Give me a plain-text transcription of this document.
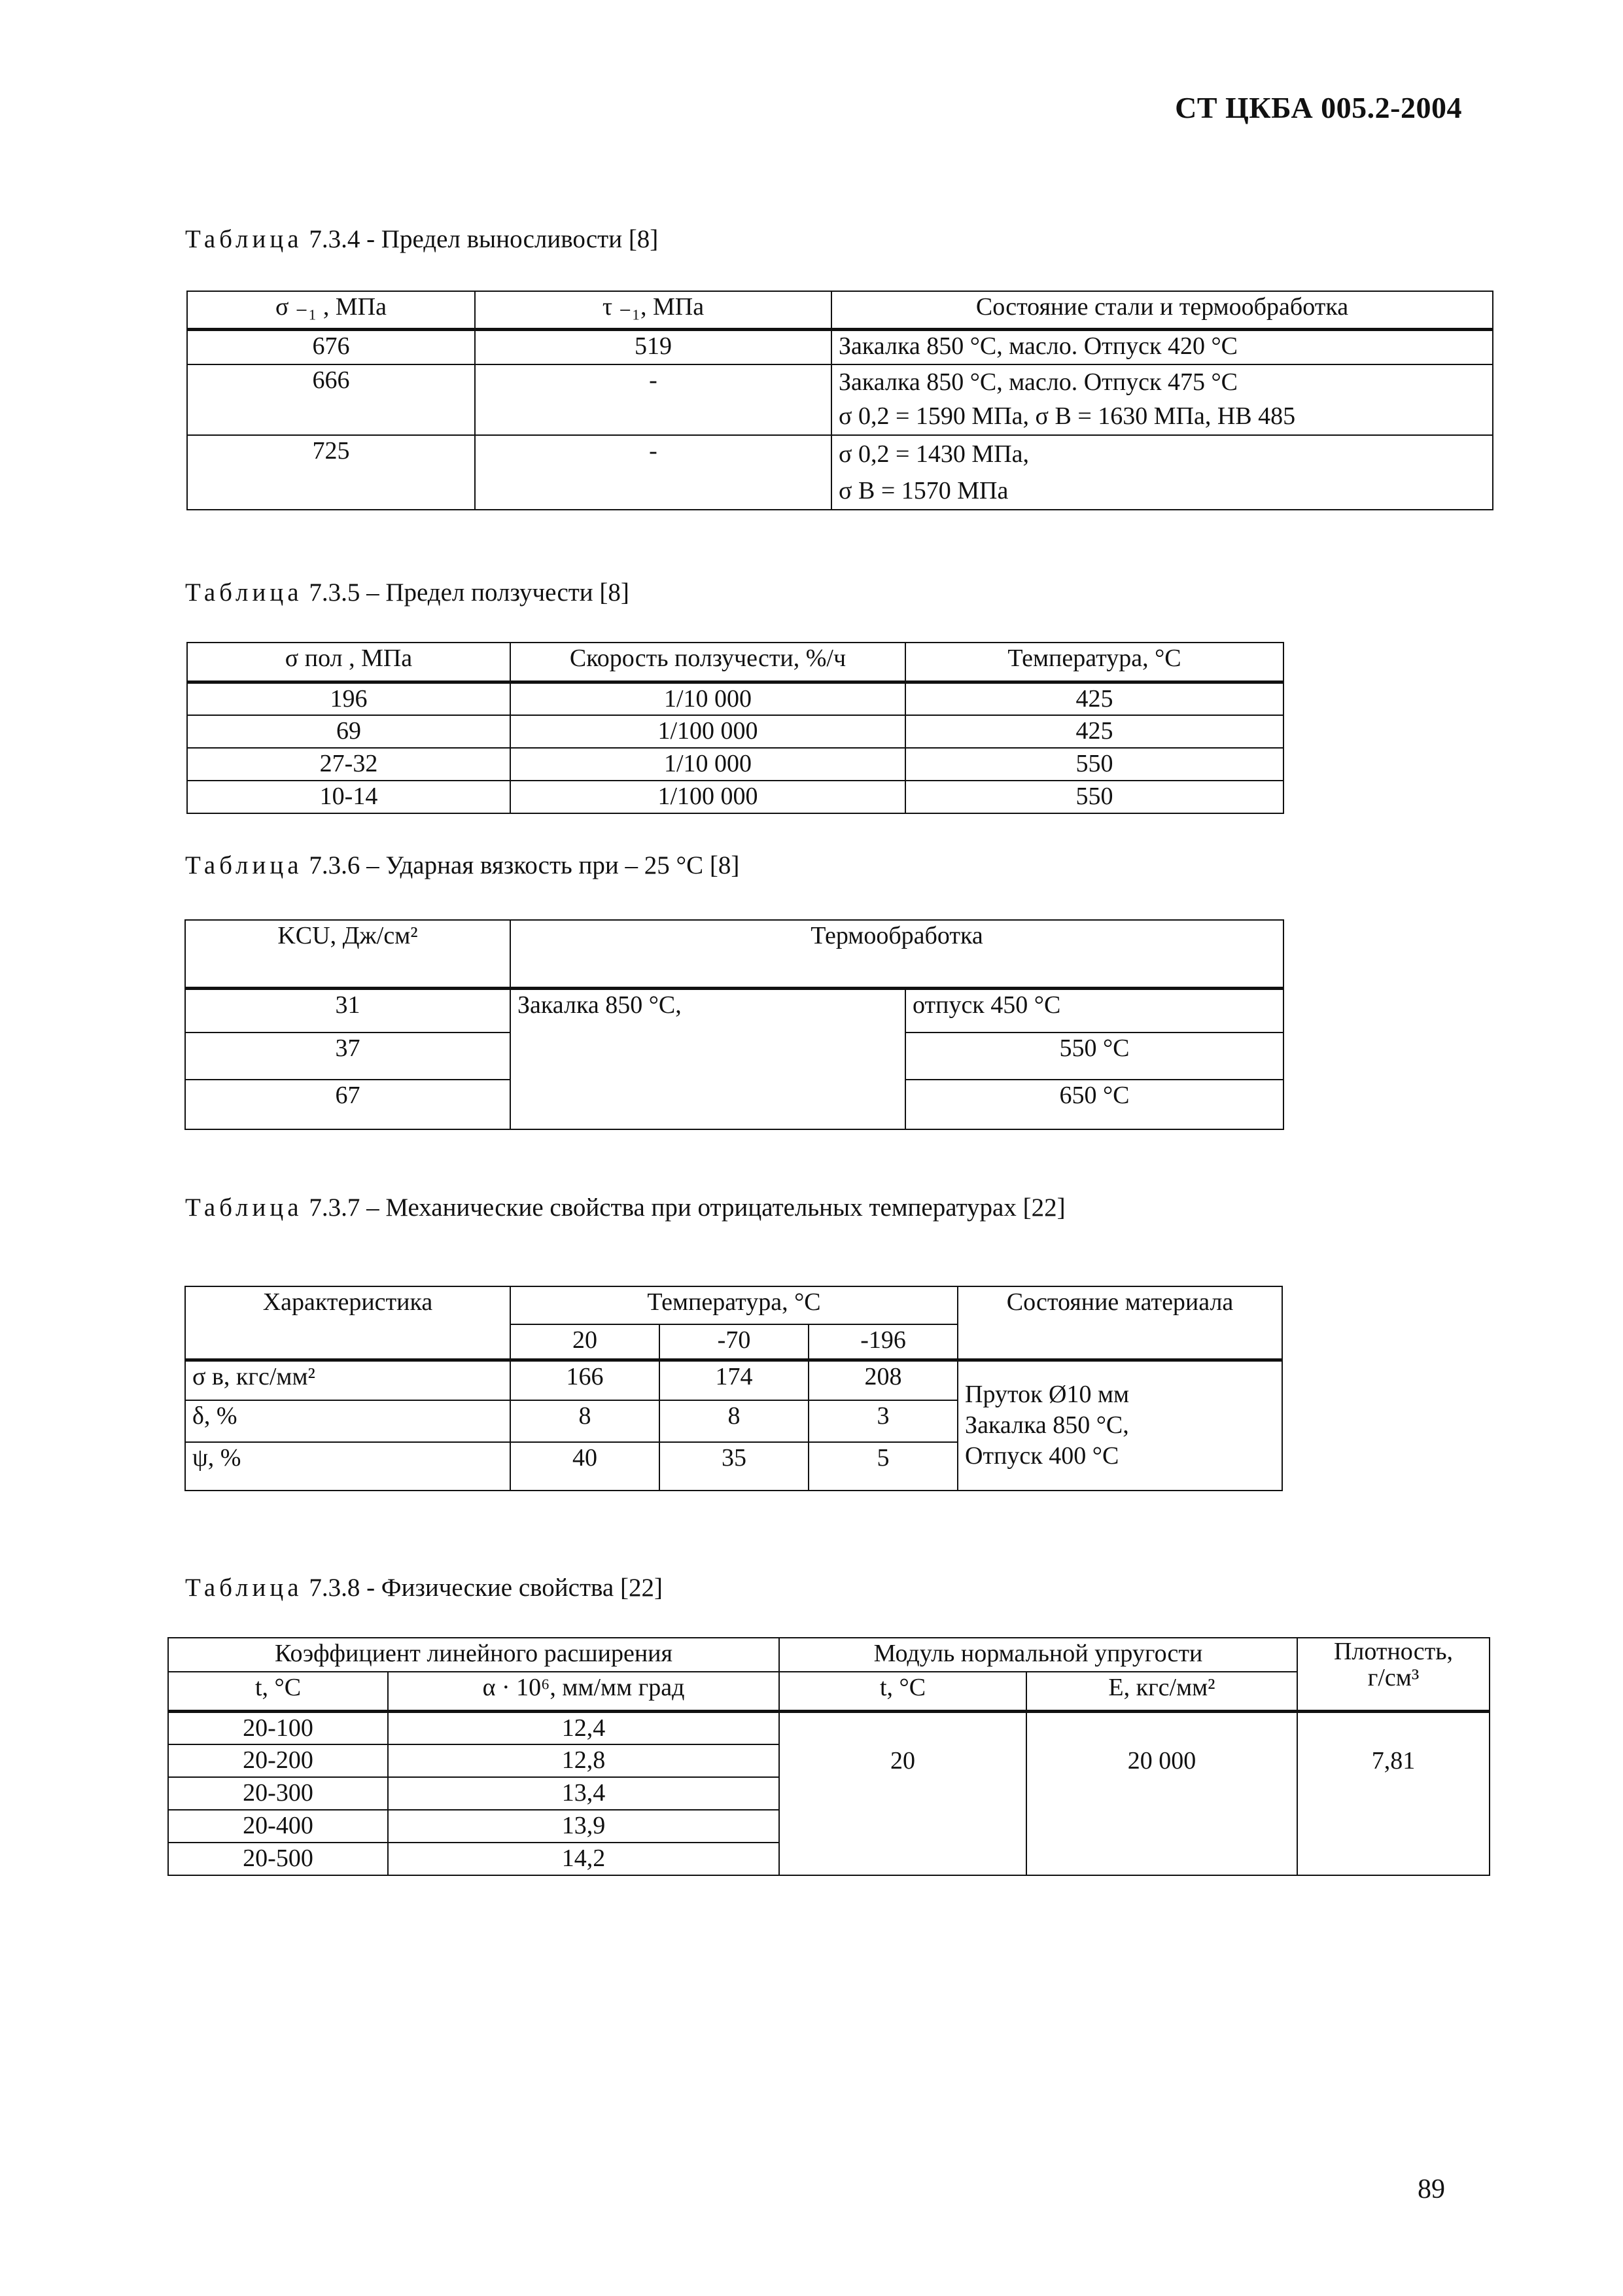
СТ ЦКБА 005.2-2004
Таблица 7.3.4 - Предел выносливости [8]
σ ₋₁ , МПа	τ ₋₁, МПа	Состояние стали и термообработка
676	519	Закалка 850 °С, масло. Отпуск 420 °С

666	-	Закалка 850 °С, масло. Отпуск 475 °С
σ 0,2 = 1590 МПа, σ В = 1630 МПа, НВ 485

725	-	σ 0,2 = 1430 МПа,
σ В = 1570 МПа
Таблица 7.3.5 – Предел ползучести [8]
σ пол , МПа	Скорость ползучести, %/ч	Температура, °С
196	1/10 000	425
69	1/100 000	425
27-32	1/10 000	550
10-14	1/100 000	550
Таблица 7.3.6 – Ударная вязкость при – 25 °С [8]
KCU, Дж/см²	Термообработка	
31	Закалка 850 °С,	отпуск 450 °С
37		550 °С
67		650 °С
Таблица 7.3.7 – Механические свойства при отрицательных температурах [22]
Характеристика	Температура, °С			Состояние материала
	20	-70	-196	
σ в, кгс/мм²	166	174	208	Пруток Ø10 мм
Закалка 850 °С,
Отпуск 400 °С

δ, %	8	8	3	
ψ, %	40	35	5	
Таблица 7.3.8 - Физические свойства [22]
Коэффициент линейного расширения		Модуль нормальной упругости		Плотность,
г/см³

t, °С	α · 10⁶, мм/мм град	t, °С	Е, кгс/мм²	
20-100	12,4	20	20 000	7,81
20-200	12,8			
20-300	13,4			
20-400	13,9			
20-500	14,2			
89
